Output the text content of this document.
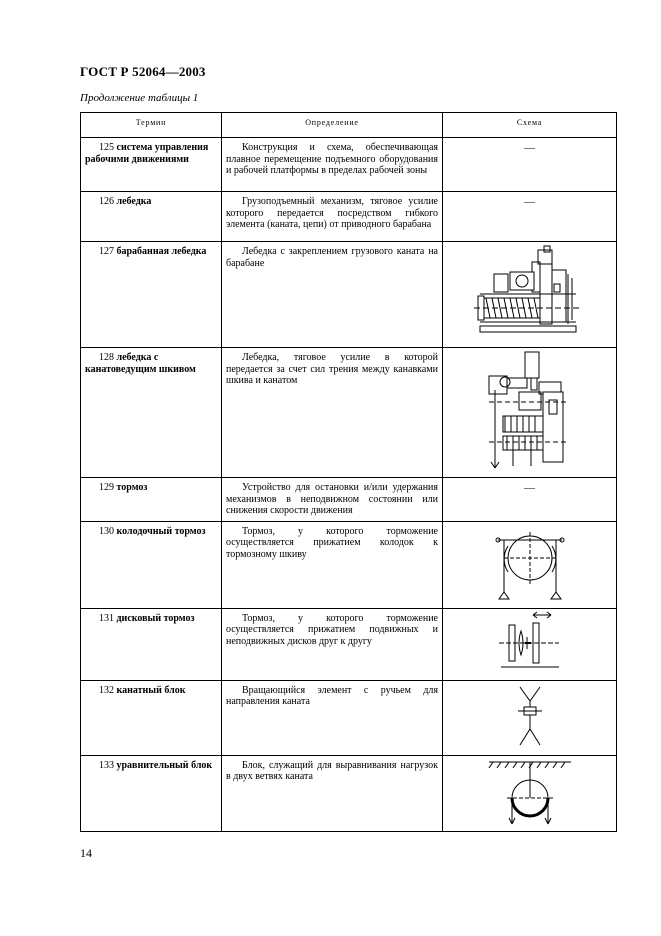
ГОСТ Р 52064—2003
Продолжение таблицы 1
Термин	Определение	Схема
125 система управления рабочими движениями	Конструкция и схема, обеспечивающая плавное перемещение подъемного оборудования и рабочей платформы в пределах рабочей зоны	—

126 лебедка	Грузоподъемный механизм, тяговое усилие которого передается посредством гибкого элемента (каната, цепи) от приводного барабана	—

127 барабанная лебедка	Лебедка с закреплением грузового каната на барабане	

128 лебедка с канатоведущим шкивом	Лебедка, тяговое усилие в которой передается за счет сил трения между канавками шкива и канатом	

129 тормоз	Устройство для остановки и/или удержания механизмов в неподвижном состоянии или снижения скорости движения	—

130 колодочный тормоз	Тормоз, у которого торможение осуществляется прижатием колодок к тормозному шкиву	

131 дисковый тормоз	Тормоз, у которого торможение осуществляется прижатием подвижных и неподвижных дисков друг к другу	

132 канатный блок	Вращающийся элемент с ручьем для направления каната	

133 уравнительный блок	Блок, служащий для выравнивания нагрузок в двух ветвях каната	
14
